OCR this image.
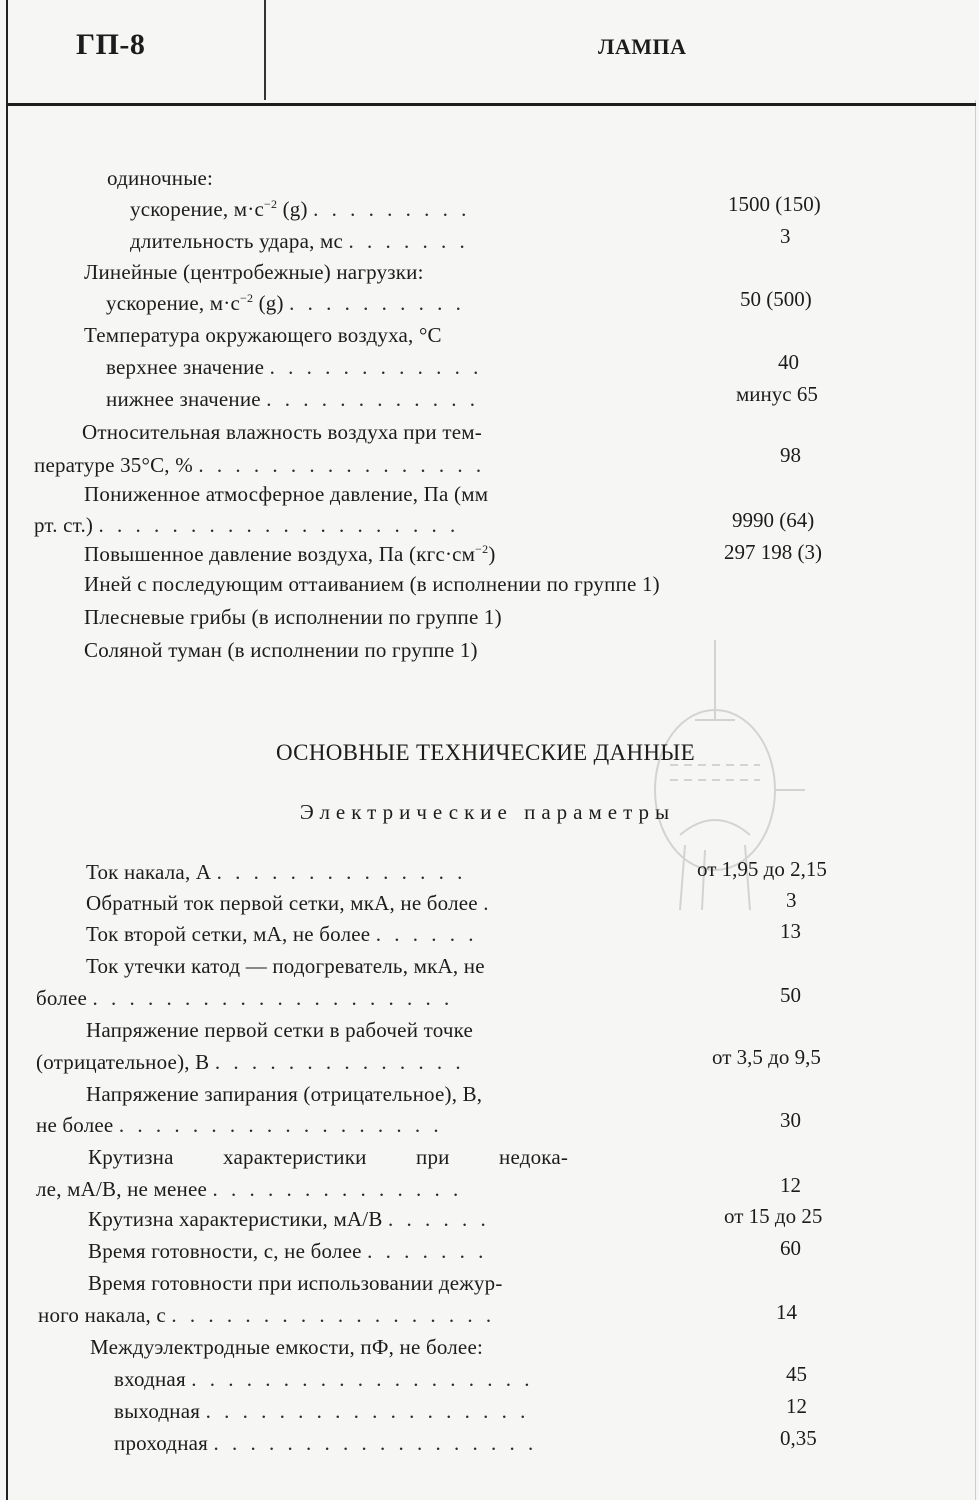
ГП-8	ЛАМПА
одиночные:
ускорение, $м\cdot с^{-2}$ (g) . . . . . . . . .	1500 (150)
длительность удара, мс . . . . . . .	3
Линейные (центробежные) нагрузки:
ускорение, $м\cdot с^{-2}$ (g) . . . . . . . . . .	50 (500)
Температура окружающего воздуха, °С
верхнее значение . . . . . . . . . . . .	40
нижнее значение . . . . . . . . . . . .	минус 65
Относительная влажность воздуха при тем-
пературе 35°С, % . . . . . . . . . . . . . . . .	98
Пониженное атмосферное давление, Па (мм
рт. ст.) . . . . . . . . . . . . . . . . . . . .	9990 (64)
Повышенное давление воздуха, Па $(кгс\cdot см^{-2})$	297 198 (3)
Иней с последующим оттаиванием (в исполнении по группе 1)
Плесневые грибы (в исполнении по группе 1)
Соляной туман (в исполнении по группе 1)
ОСНОВНЫЕ ТЕХНИЧЕСКИЕ ДАННЫЕ
Электрические параметры
Ток накала, А . . . . . . . . . . . . . .	от 1,95 до 2,15
Обратный ток первой сетки, мкА, не более .	3
Ток второй сетки, мА, не более . . . . . .	13
Ток утечки катод — подогреватель, мкА, не
более . . . . . . . . . . . . . . . . . . . .	50
Напряжение первой сетки в рабочей точке
(отрицательное), В . . . . . . . . . . . . . .	от 3,5 до 9,5
Напряжение запирания (отрицательное), В,
не более . . . . . . . . . . . . . . . . . .	30
Крутизна характеристики при недока-
ле, мА/В, не менее . . . . . . . . . . . . . .	12
Крутизна характеристики, мА/В . . . . . .	от 15 до 25
Время готовности, с, не более . . . . . . .	60
Время готовности при использовании дежур-
ного накала, с . . . . . . . . . . . . . . . . . .	14
Междуэлектродные емкости, пФ, не более:
входная . . . . . . . . . . . . . . . . . . .	45
выходная . . . . . . . . . . . . . . . . . .	12
проходная . . . . . . . . . . . . . . . . . .	0,35
